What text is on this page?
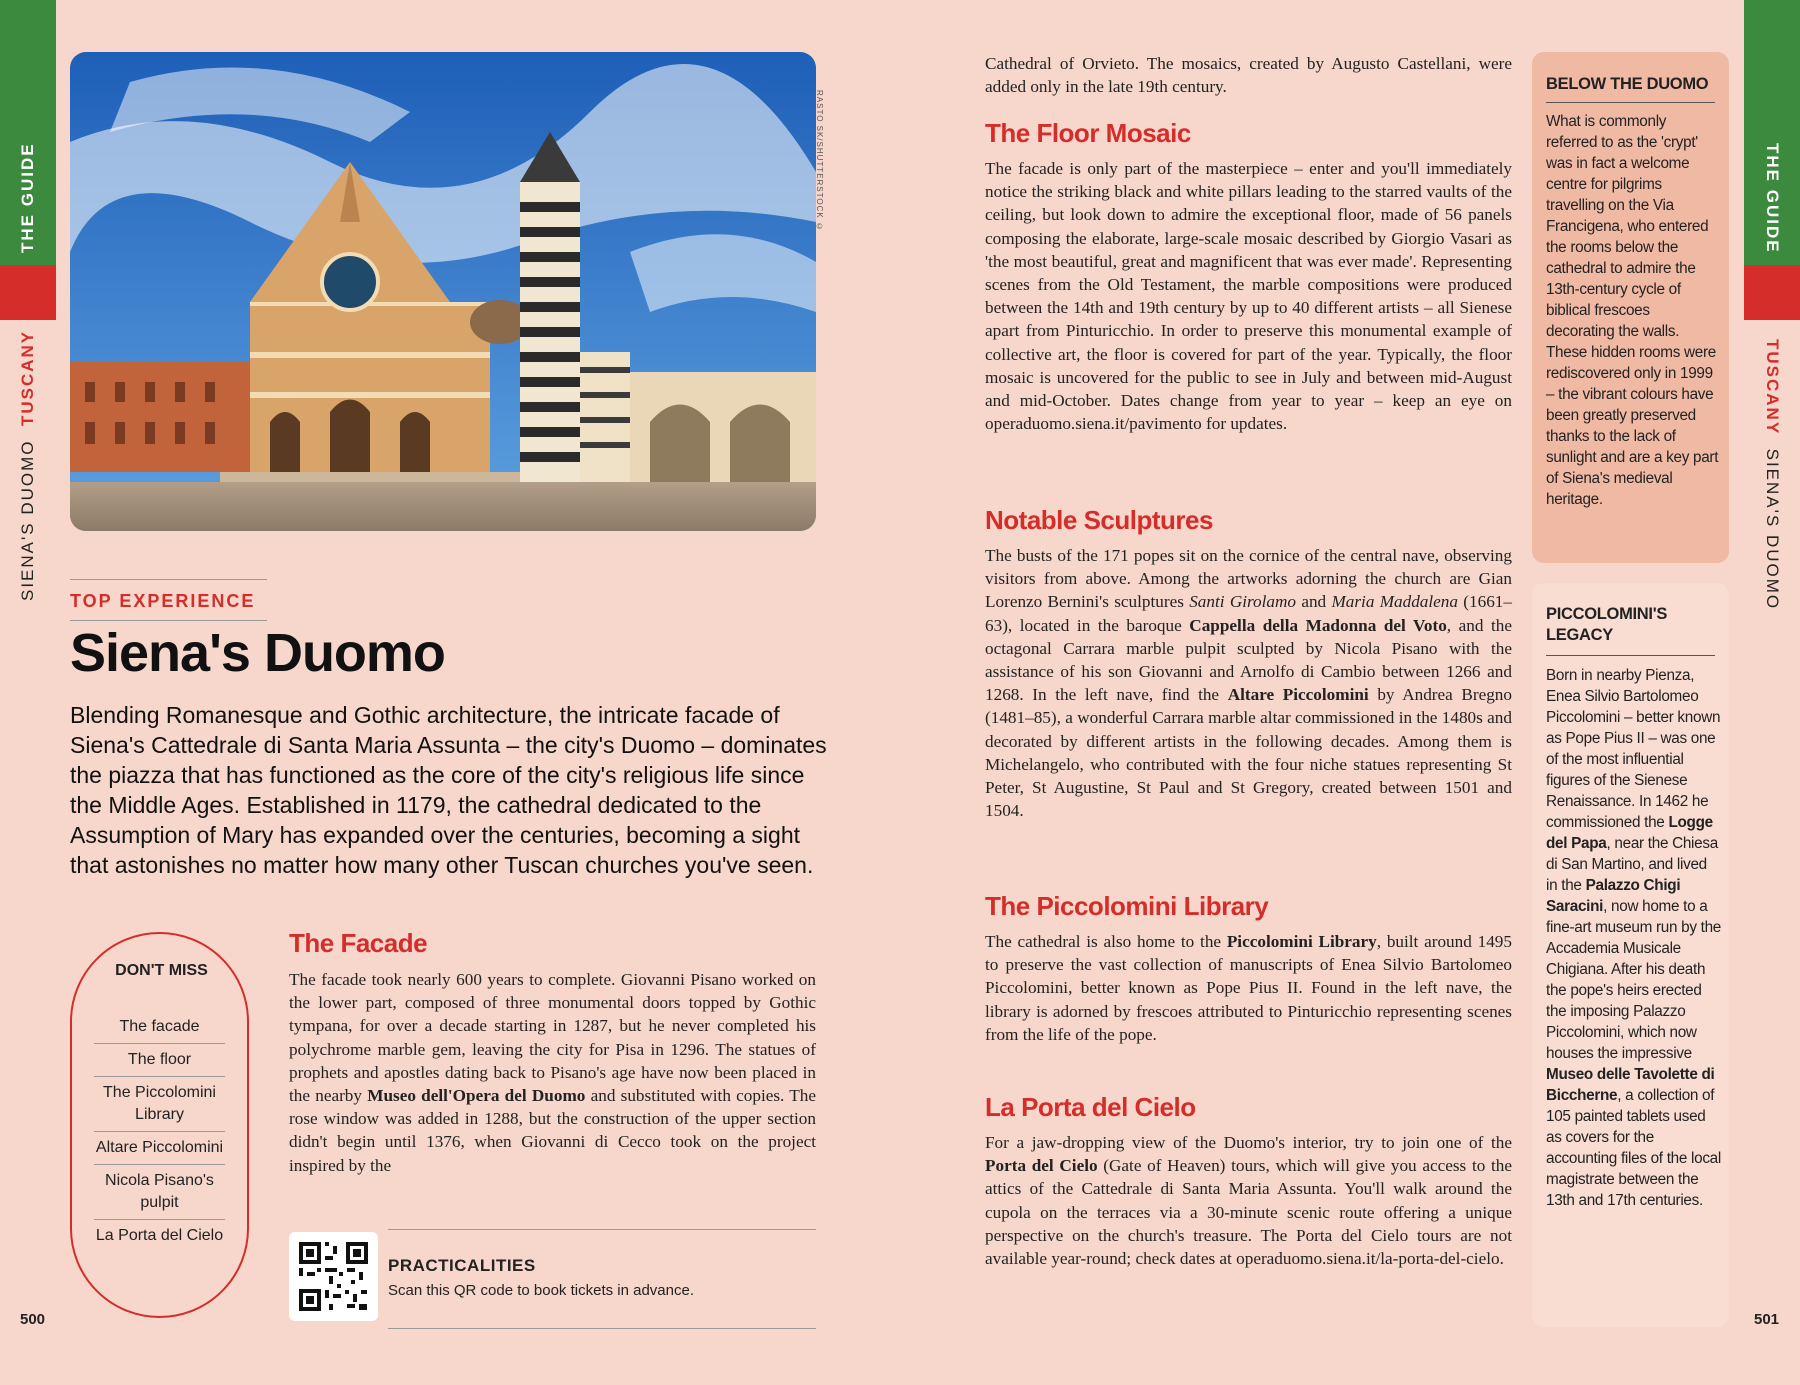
THE GUIDE
SIENA'S DUOMO  TUSCANY
500
THE GUIDE
TUSCANY  SIENA'S DUOMO
501
RASTO SK/SHUTTERSTOCK ©
TOP EXPERIENCE
Siena's Duomo
Blending Romanesque and Gothic architecture, the intricate facade of Siena's Cattedrale di Santa Maria Assunta – the city's Duomo – dominates the piazza that has functioned as the core of the city's religious life since the Middle Ages. Established in 1179, the cathedral dedicated to the Assumption of Mary has expanded over the centuries, becoming a sight that astonishes no matter how many other Tuscan churches you've seen.
DON'T MISS
The facade
The floor
The Piccolomini Library
Altare Piccolomini
Nicola Pisano's pulpit
La Porta del Cielo
The Facade
The facade took nearly 600 years to complete. Giovanni Pisano worked on the lower part, composed of three monumental doors topped by Gothic tympana, for over a decade starting in 1287, but he never completed his polychrome marble gem, leaving the city for Pisa in 1296. The statues of prophets and apostles dating back to Pisano's age have now been placed in the nearby Museo dell'Opera del Duomo and substituted with copies. The rose window was added in 1288, but the construction of the upper section didn't begin until 1376, when Giovanni di Cecco took on the project inspired by the
PRACTICALITIES
Scan this QR code to book tickets in advance.
Cathedral of Orvieto. The mosaics, created by Augusto Castellani, were added only in the late 19th century.
The Floor Mosaic
The facade is only part of the masterpiece – enter and you'll immediately notice the striking black and white pillars leading to the starred vaults of the ceiling, but look down to admire the exceptional floor, made of 56 panels composing the elaborate, large-scale mosaic described by Giorgio Vasari as 'the most beautiful, great and magnificent that was ever made'. Representing scenes from the Old Testament, the marble compositions were produced between the 14th and 19th century by up to 40 different artists – all Sienese apart from Pinturicchio. In order to preserve this monumental example of collective art, the floor is covered for part of the year. Typically, the floor mosaic is uncovered for the public to see in July and between mid-August and mid-October. Dates change from year to year – keep an eye on operaduomo.siena.it/pavimento for updates.
Notable Sculptures
The busts of the 171 popes sit on the cornice of the central nave, observing visitors from above. Among the artworks adorning the church are Gian Lorenzo Bernini's sculptures Santi Girolamo and Maria Maddalena (1661–63), located in the baroque Cappella della Madonna del Voto, and the octagonal Carrara marble pulpit sculpted by Nicola Pisano with the assistance of his son Giovanni and Arnolfo di Cambio between 1266 and 1268. In the left nave, find the Altare Piccolomini by Andrea Bregno (1481–85), a wonderful Carrara marble altar commissioned in the 1480s and decorated by different artists in the following decades. Among them is Michelangelo, who contributed with the four niche statues representing St Peter, St Augustine, St Paul and St Gregory, created between 1501 and 1504.
The Piccolomini Library
The cathedral is also home to the Piccolomini Library, built around 1495 to preserve the vast collection of manuscripts of Enea Silvio Bartolomeo Piccolomini, better known as Pope Pius II. Found in the left nave, the library is adorned by frescoes attributed to Pinturicchio representing scenes from the life of the pope.
La Porta del Cielo
For a jaw-dropping view of the Duomo's interior, try to join one of the Porta del Cielo (Gate of Heaven) tours, which will give you access to the attics of the Cattedrale di Santa Maria Assunta. You'll walk around the cupola on the terraces via a 30-minute scenic route offering a unique perspective on the church's treasure. The Porta del Cielo tours are not available year-round; check dates at operaduomo.siena.it/la-porta-del-cielo.
BELOW THE DUOMO
What is commonly referred to as the 'crypt' was in fact a welcome centre for pilgrims travelling on the Via Francigena, who entered the rooms below the cathedral to admire the 13th-century cycle of biblical frescoes decorating the walls. These hidden rooms were rediscovered only in 1999 – the vibrant colours have been greatly preserved thanks to the lack of sunlight and are a key part of Siena's medieval heritage.
PICCOLOMINI'S LEGACY
Born in nearby Pienza, Enea Silvio Bartolomeo Piccolomini – better known as Pope Pius II – was one of the most influential figures of the Sienese Renaissance. In 1462 he commissioned the Logge del Papa, near the Chiesa di San Martino, and lived in the Palazzo Chigi Saracini, now home to a fine-art museum run by the Accademia Musicale Chigiana. After his death the pope's heirs erected the imposing Palazzo Piccolomini, which now houses the impressive Museo delle Tavolette di Biccherne, a collection of 105 painted tablets used as covers for the accounting files of the local magistrate between the 13th and 17th centuries.
